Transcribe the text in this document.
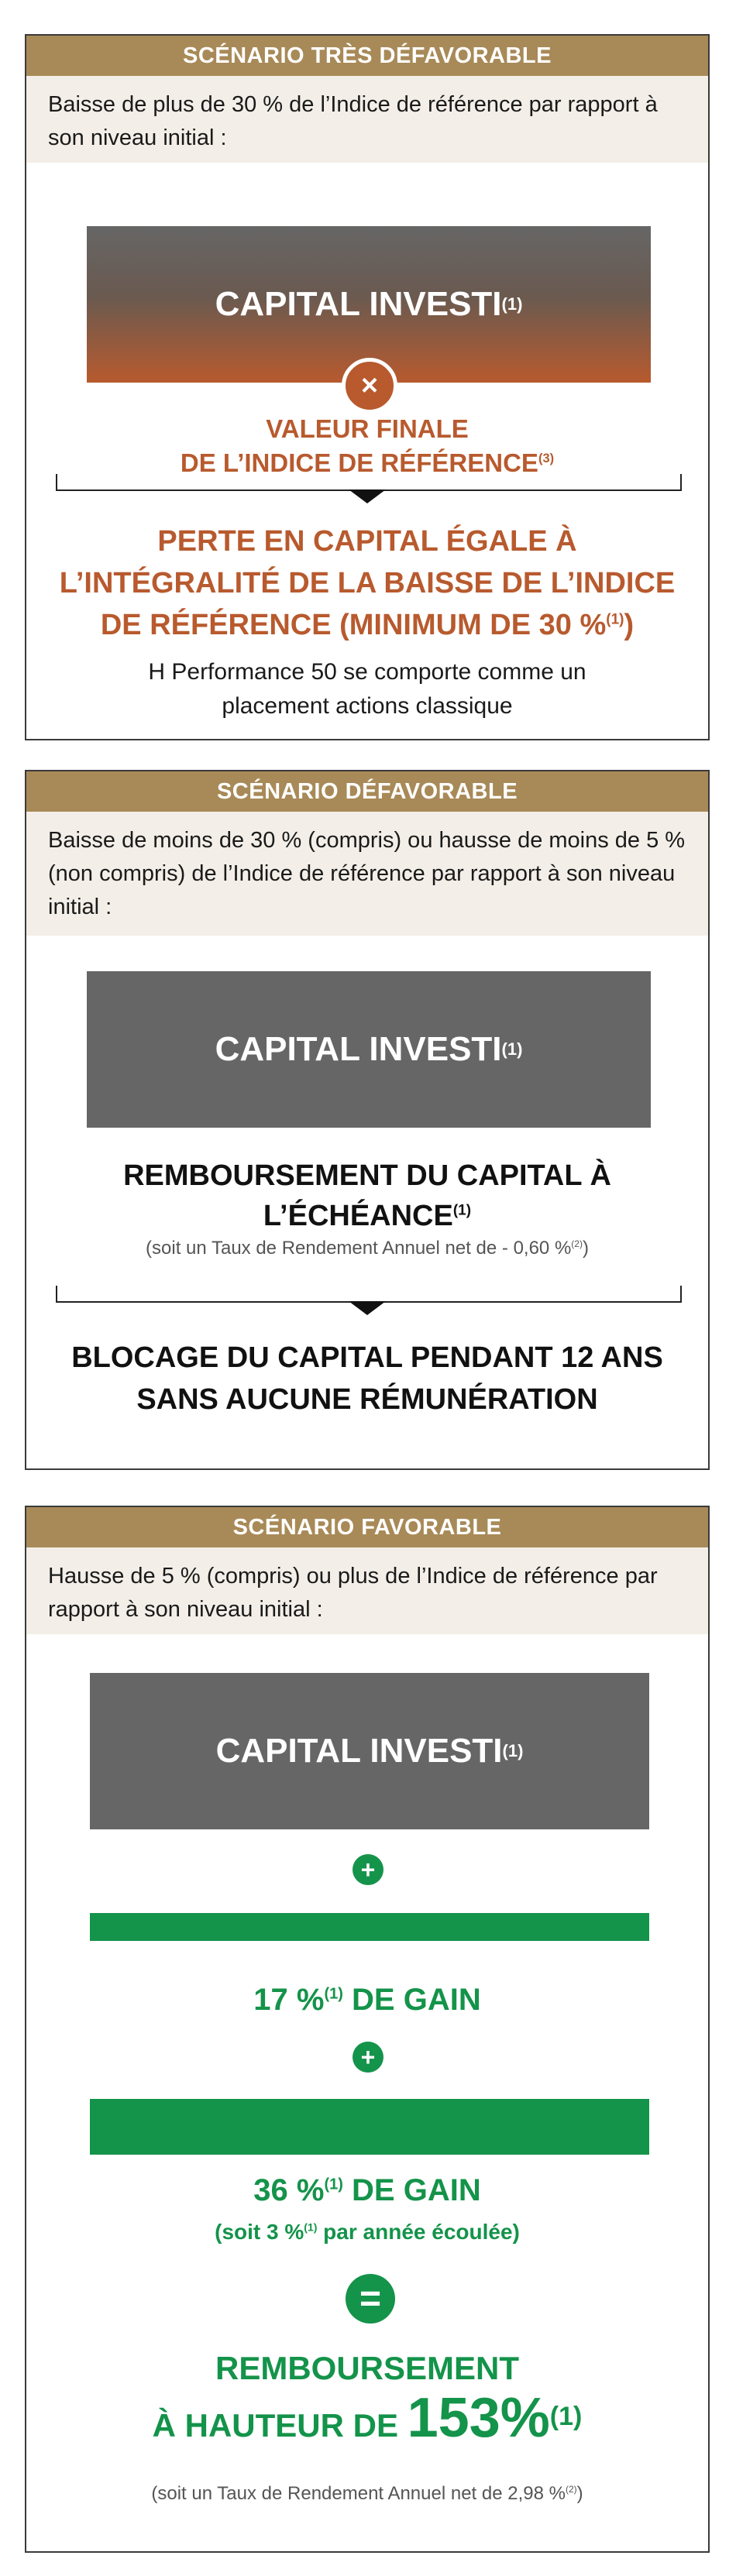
SCÉNARIO TRÈS DÉFAVORABLE
Baisse de plus de 30 % de l’Indice de référence par rapport à son niveau initial :
CAPITAL INVESTI (1)
×
VALEUR FINALE
DE L’INDICE DE RÉFÉRENCE$^{(3)}$
PERTE EN CAPITAL ÉGALE À
L’INTÉGRALITÉ DE LA BAISSE DE L’INDICE
DE RÉFÉRENCE (MINIMUM DE 30 %$^{(1)}$)
H Performance 50 se comporte comme un
placement actions classique
SCÉNARIO DÉFAVORABLE
Baisse de moins de 30 % (compris) ou hausse de moins de 5 % (non compris) de l’Indice de référence par rapport à son niveau initial :
CAPITAL INVESTI (1)
REMBOURSEMENT DU CAPITAL À
L’ÉCHÉANCE$^{(1)}$
(soit un Taux de Rendement Annuel net de - 0,60 %$^{(2)}$)
BLOCAGE DU CAPITAL PENDANT 12 ANS
SANS AUCUNE RÉMUNÉRATION
SCÉNARIO FAVORABLE
Hausse de 5 % (compris) ou plus de l’Indice de référence par rapport à son niveau initial :
CAPITAL INVESTI (1)
+
17 %$^{(1)}$ DE GAIN
+
36 %$^{(1)}$ DE GAIN
(soit 3 %$^{(1)}$ par année écoulée)
=
REMBOURSEMENT
À HAUTEUR DE 153%$^{(1)}$
(soit un Taux de Rendement Annuel net de 2,98 %$^{(2)}$)
